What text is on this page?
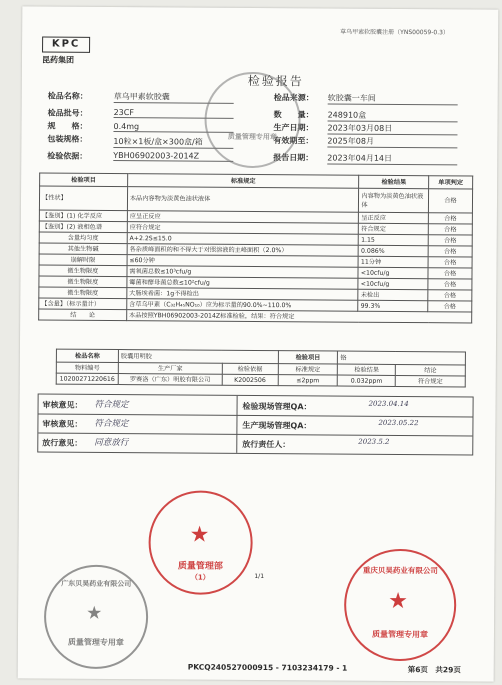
草乌甲素软胶囊注册（YNS00059-0.3）
KPC
昆药集团
检验报告
检品名称：	草乌甲素软胶囊	检品来源： 软胶囊一车间
检品批号：	23CF	数　　量： 248910盒
规　　格：	0.4mg	生产日期： 2023年03月08日
包装规格：	10粒×1板/盒×300盒/箱	有效期至： 2025年08月
检验依据：	YBH06902003-2014Z	报告日期： 2023年04月14日
检验项目	标准规定	检验结果	单项判定
【性状】	本品内容物为淡黄色油状液体	内容物为淡黄色油状液体	合格
【鉴别】(1) 化学反应	应呈正反应	呈正反应	合格
【鉴别】(2) 液相色谱	应符合规定	符合规定	合格
含量均匀度	A+2.2S≤15.0	1.15	合格
其他生物碱	各杂质峰面积的和不得大于对照溶液的主峰面积（2.0%）	0.086%	合格
崩解时限	≤60分钟	11分钟	合格
微生物限度	需氧菌总数≤10³cfu/g	<10cfu/g	合格
微生物限度	霉菌和酵母菌总数≤10²cfu/g	<10cfu/g	合格
微生物限度	大肠埃希菌：1g不得检出	未检出	合格
【含量】（标示量计）	含草乌甲素（C₃₂H₄₅NO₁₀）应为标示量的90.0%~110.0%	99.3%	合格
结　　论	本品按照YBH06902003-2014Z标准检验，结果：符合规定		
检品名称	胶囊用明胶		检验项目	铬	
物料编号	生产厂家	检验依据	标准规定	检验结果	结论
10200271220616	罗赛洛（广东）明胶有限公司	K2002506	≤2ppm	0.032ppm	符合规定
审核意见： 符合规定	检验现场管理QA：	2023.04.14
审核意见： 符合规定	生产现场管理QA：	2023.05.22
放行意见： 同意放行	放行责任人：	2023.5.2
1/1
质量管理专用章
★
质量管理部
（1）
广东贝昊药业有限公司
★
质量管理专用章
重庆贝昊药业有限公司
★
质量管理专用章
PKCQ240527000915 - 7103234179 - 1	第6页　共29页
